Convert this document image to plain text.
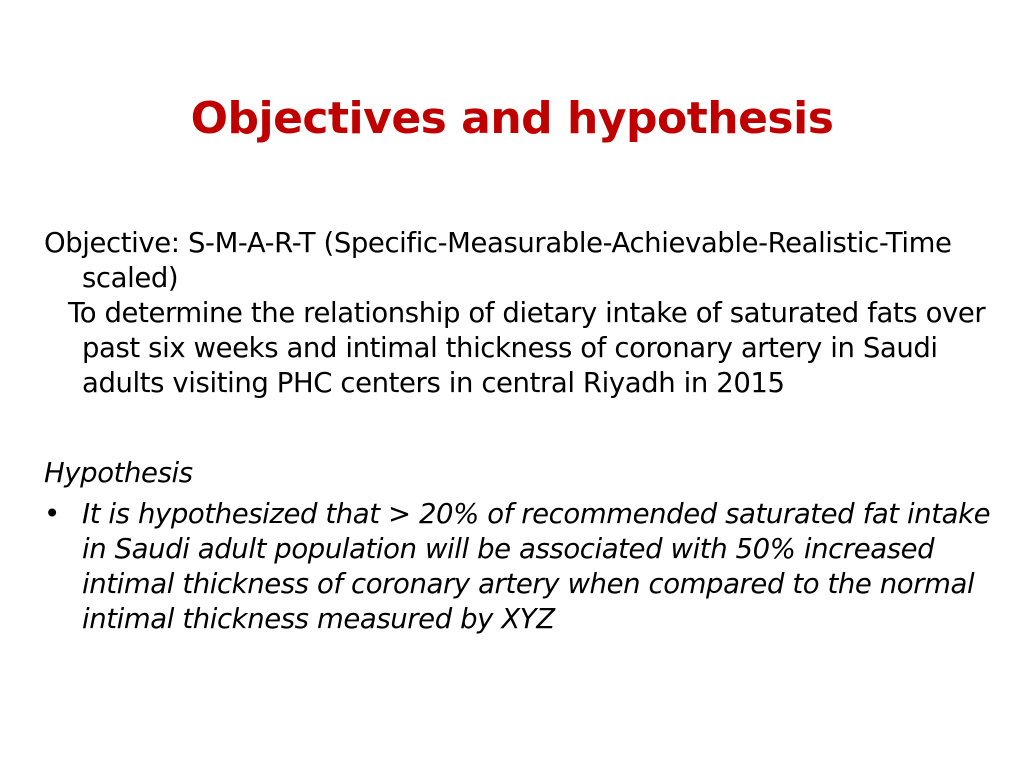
Objectives and hypothesis

Objective: S-M-A-R-T (Specific-Measurable-Achievable-Realistic-Time scaled)

To determine the relationship of dietary intake of saturated fats over past six weeks and intimal thickness of coronary artery in Saudi adults visiting PHC centers in central Riyadh in 2015

Hypothesis

• It is hypothesized that > 20% of recommended saturated fat intake in Saudi adult population will be associated with 50% increased intimal thickness of coronary artery when compared to the normal intimal thickness measured by XYZ
